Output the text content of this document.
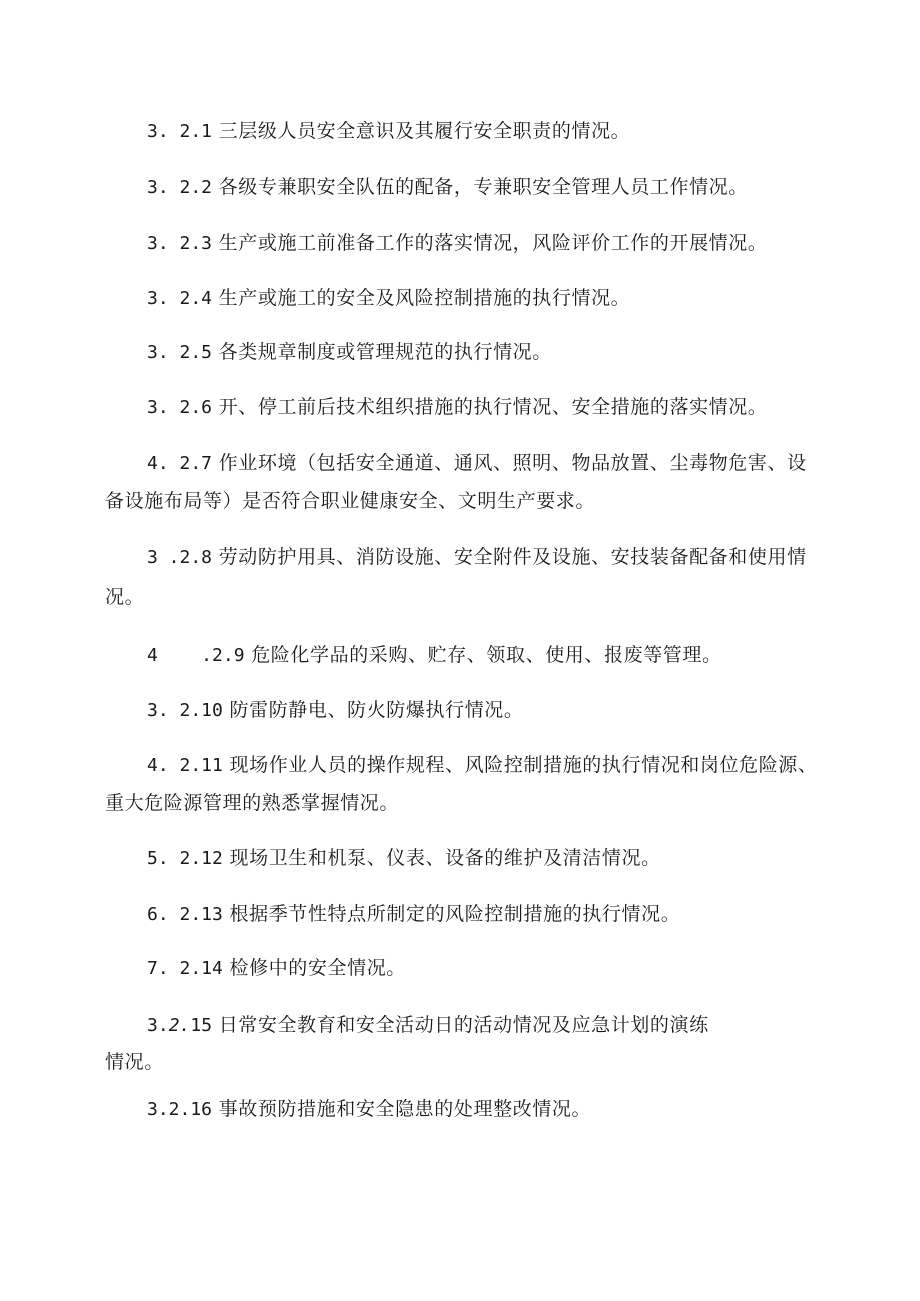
3. 2.1 三层级人员安全意识及其履行安全职责的情况。
3. 2.2 各级专兼职安全队伍的配备，专兼职安全管理人员工作情况。
3. 2.3 生产或施工前准备工作的落实情况，风险评价工作的开展情况。
3. 2.4 生产或施工的安全及风险控制措施的执行情况。
3. 2.5 各类规章制度或管理规范的执行情况。
3. 2.6 开、停工前后技术组织措施的执行情况、安全措施的落实情况。
4. 2.7 作业环境（包括安全通道、通风、照明、物品放置、尘毒物危害、设
备设施布局等）是否符合职业健康安全、文明生产要求。
3 .2.8 劳动防护用具、消防设施、安全附件及设施、安技装备配备和使用情
况。
4    .2.9 危险化学品的采购、贮存、领取、使用、报废等管理。
3. 2.10 防雷防静电、防火防爆执行情况。
4. 2.11 现场作业人员的操作规程、风险控制措施的执行情况和岗位危险源、
重大危险源管理的熟悉掌握情况。
5. 2.12 现场卫生和机泵、仪表、设备的维护及清洁情况。
6. 2.13 根据季节性特点所制定的风险控制措施的执行情况。
7. 2.14 检修中的安全情况。
3.2.15 日常安全教育和安全活动日的活动情况及应急计划的演练
情况。
3.2.16 事故预防措施和安全隐患的处理整改情况。
